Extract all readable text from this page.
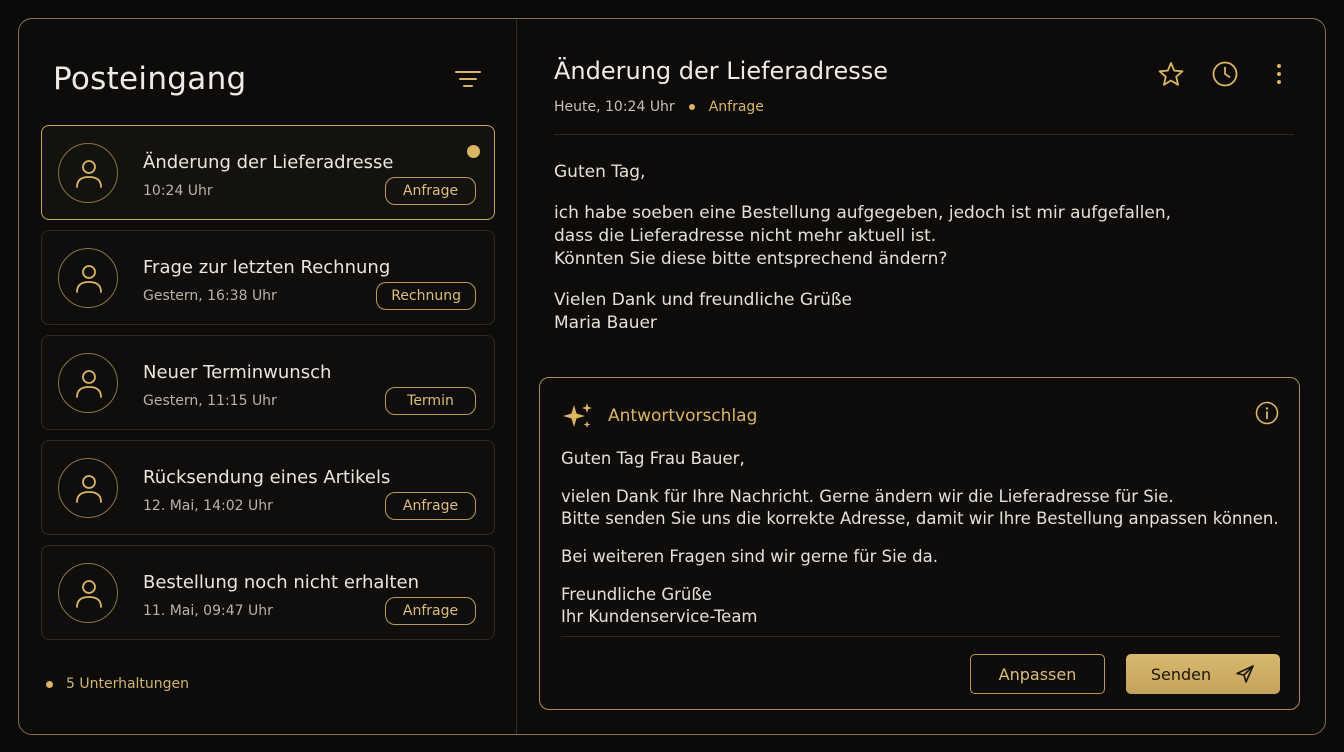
Posteingang
Änderung der Lieferadresse
10:24 Uhr	Anfrage
Frage zur letzten Rechnung
Gestern, 16:38 Uhr	Rechnung
Neuer Terminwunsch
Gestern, 11:15 Uhr	Termin
Rücksendung eines Artikels
12. Mai, 14:02 Uhr	Anfrage
Bestellung noch nicht erhalten
11. Mai, 09:47 Uhr	Anfrage
5 Unterhaltungen
Änderung der Lieferadresse
Heute, 10:24 Uhr Anfrage

Guten Tag,

ich habe soeben eine Bestellung aufgegeben, jedoch ist mir aufgefallen,
dass die Lieferadresse nicht mehr aktuell ist.
Könnten Sie diese bitte entsprechend ändern?

Vielen Dank und freundliche Grüße
Maria Bauer

Antwortvorschlag

Guten Tag Frau Bauer,

vielen Dank für Ihre Nachricht. Gerne ändern wir die Lieferadresse für Sie.
Bitte senden Sie uns die korrekte Adresse, damit wir Ihre Bestellung anpassen können.

Bei weiteren Fragen sind wir gerne für Sie da.

Freundliche Grüße
Ihr Kundenservice-Team

Anpassen	Senden
